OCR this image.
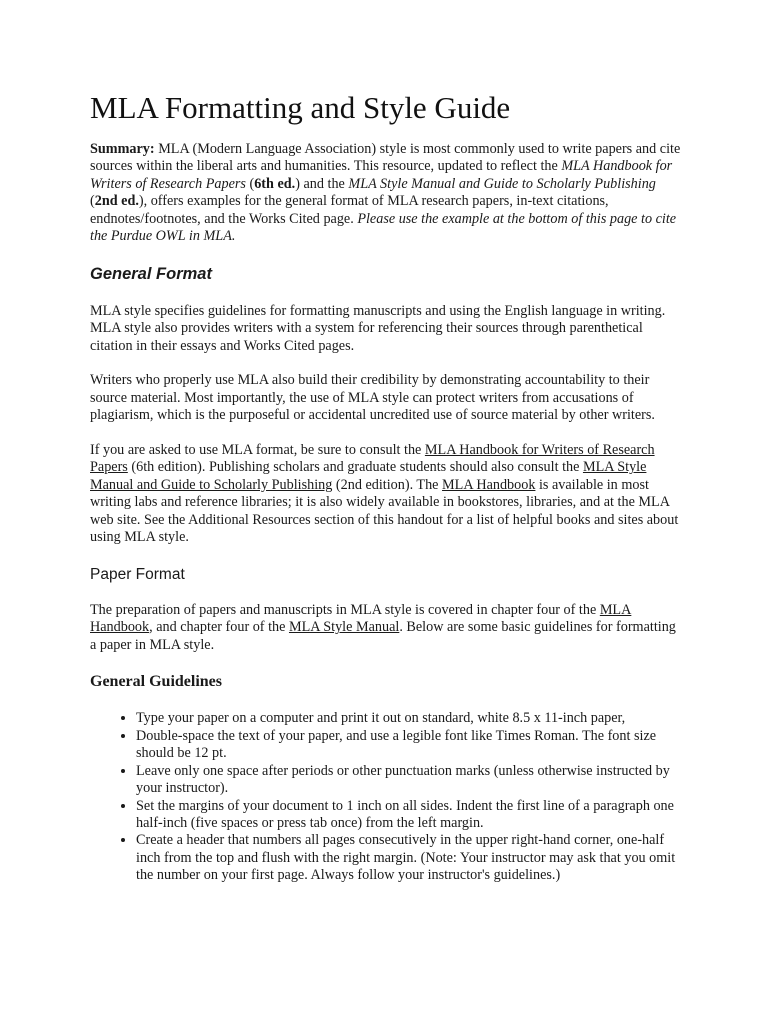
MLA Formatting and Style Guide

Summary: MLA (Modern Language Association) style is most commonly used to write papers and cite sources within the liberal arts and humanities. This resource, updated to reflect the MLA Handbook for Writers of Research Papers (6th ed.) and the MLA Style Manual and Guide to Scholarly Publishing (2nd ed.), offers examples for the general format of MLA research papers, in-text citations, endnotes/footnotes, and the Works Cited page. Please use the example at the bottom of this page to cite the Purdue OWL in MLA.

General Format

MLA style specifies guidelines for formatting manuscripts and using the English language in writing. MLA style also provides writers with a system for referencing their sources through parenthetical citation in their essays and Works Cited pages.

Writers who properly use MLA also build their credibility by demonstrating accountability to their source material. Most importantly, the use of MLA style can protect writers from accusations of plagiarism, which is the purposeful or accidental uncredited use of source material by other writers.

If you are asked to use MLA format, be sure to consult the MLA Handbook for Writers of Research Papers (6th edition). Publishing scholars and graduate students should also consult the MLA Style Manual and Guide to Scholarly Publishing (2nd edition). The MLA Handbook is available in most writing labs and reference libraries; it is also widely available in bookstores, libraries, and at the MLA web site. See the Additional Resources section of this handout for a list of helpful books and sites about using MLA style.

Paper Format

The preparation of papers and manuscripts in MLA style is covered in chapter four of the MLA Handbook, and chapter four of the MLA Style Manual. Below are some basic guidelines for formatting a paper in MLA style.

General Guidelines
• Type your paper on a computer and print it out on standard, white 8.5 x 11-inch paper,
• Double-space the text of your paper, and use a legible font like Times Roman. The font size should be 12 pt.
• Leave only one space after periods or other punctuation marks (unless otherwise instructed by your instructor).
• Set the margins of your document to 1 inch on all sides. Indent the first line of a paragraph one half-inch (five spaces or press tab once) from the left margin.
• Create a header that numbers all pages consecutively in the upper right-hand corner, one-half inch from the top and flush with the right margin. (Note: Your instructor may ask that you omit the number on your first page. Always follow your instructor's guidelines.)
